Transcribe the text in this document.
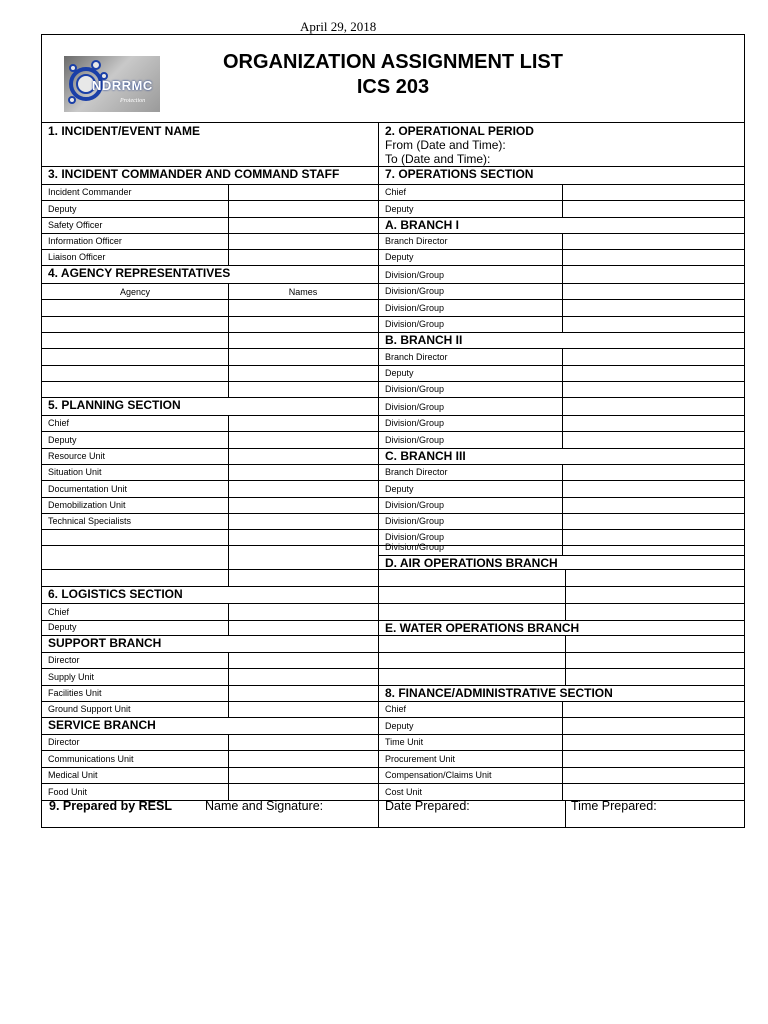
April 29, 2018
NDRRMC
Protection
ORGANIZATION ASSIGNMENT LIST
ICS 203
1. INCIDENT/EVENT NAME
3. INCIDENT COMMANDER AND COMMAND STAFF
Incident Commander
Deputy
Safety Officer
Information Officer
Liaison Officer
4. AGENCY REPRESENTATIVES
Agency	Names
5. PLANNING SECTION
Chief
Deputy
Resource Unit
Situation Unit
Documentation Unit
Demobilization Unit
Technical Specialists
6. LOGISTICS SECTION
Chief
Deputy
SUPPORT BRANCH
Director
Supply Unit
Facilities Unit
Ground Support Unit
SERVICE BRANCH
Director
Communications Unit
Medical Unit
Food Unit
2. OPERATIONAL PERIOD
From (Date and Time):
To (Date and Time):
7. OPERATIONS SECTION
Chief
Deputy
A. BRANCH I
Branch Director
Deputy
Division/Group
Division/Group
Division/Group
Division/Group
B. BRANCH II
Branch Director
Deputy
Division/Group
Division/Group
Division/Group
Division/Group
C. BRANCH III
Branch Director
Deputy
Division/Group
Division/Group
Division/Group
Division/Group
D. AIR OPERATIONS BRANCH
E. WATER OPERATIONS BRANCH
8. FINANCE/ADMINISTRATIVE SECTION
Chief
Deputy
Time Unit
Procurement Unit
Compensation/Claims Unit
Cost Unit
9. Prepared by RESL	Name and Signature:	Date Prepared:	Time Prepared:
